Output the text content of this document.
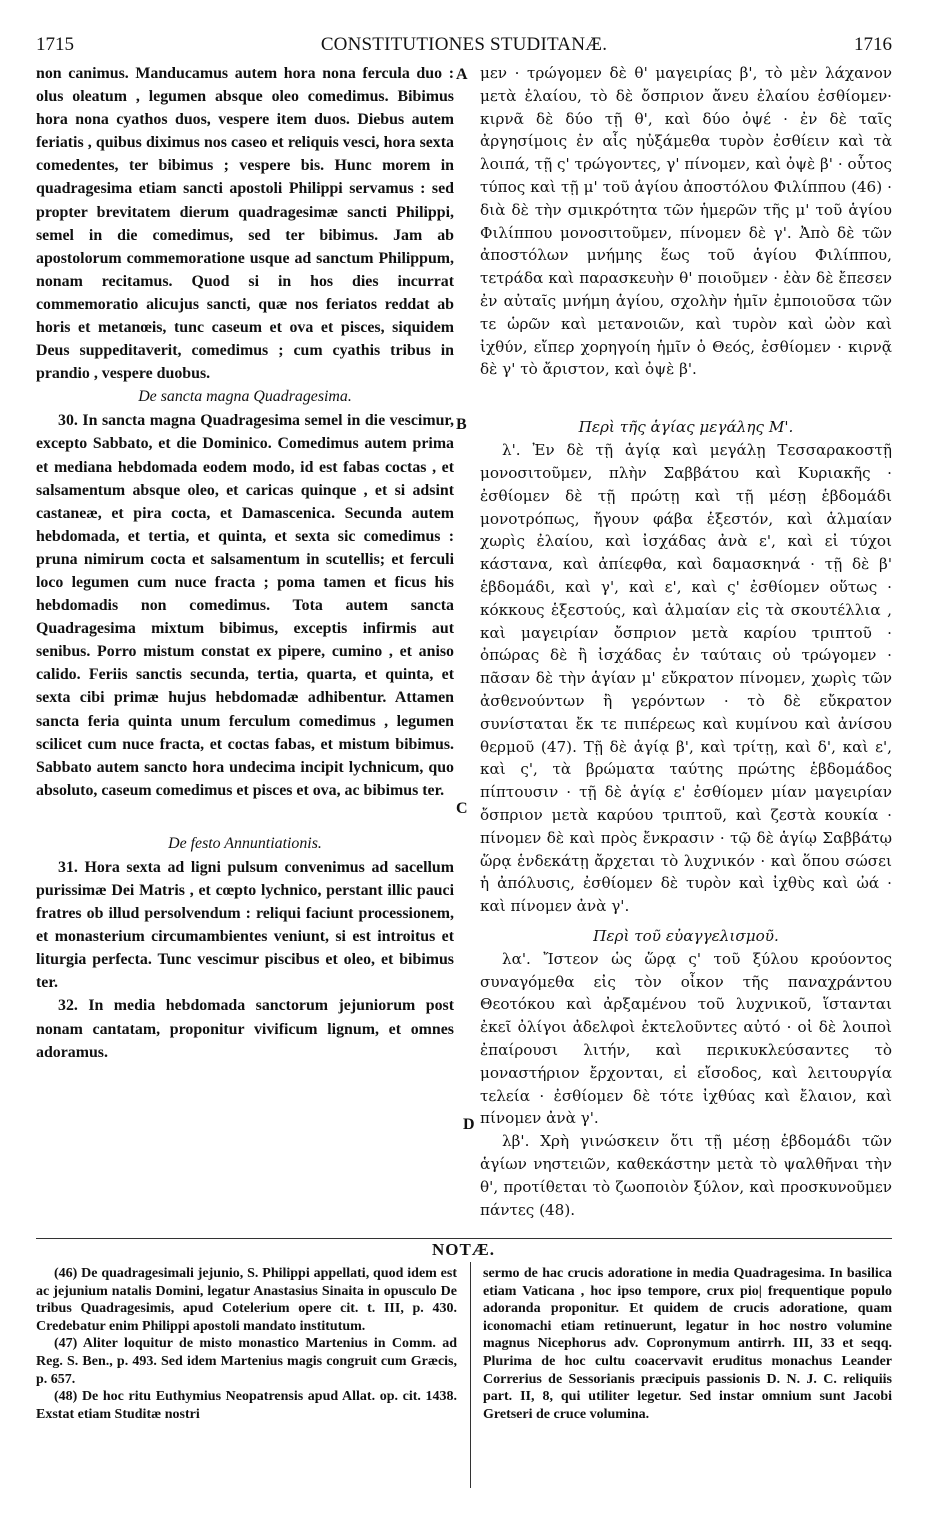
1715	CONSTITUTIONES STUDITANÆ.	1716

non canimus. Manducamus autem hora nona fercula duo : olus oleatum , legumen absque oleo comedimus. Bibimus hora nona cyathos duos, vespere item duos. Diebus autem feriatis , quibus diximus nos caseo et reliquis vesci, hora sexta comedentes, ter bibimus ; vespere bis. Hunc morem in quadragesima etiam sancti apostoli Philippi servamus : sed propter brevitatem dierum quadragesimæ sancti Philippi, semel in die comedimus, sed ter bibimus. Jam ab apostolorum commemoratione usque ad sanctum Philippum, nonam recitamus. Quod si in hos dies incurrat commemoratio alicujus sancti, quæ nos feriatos reddat ab horis et metanœis, tunc caseum et ova et pisces, siquidem Deus suppeditaverit, comedimus ; cum cyathis tribus in prandio , vespere duobus.

De sancta magna Quadragesima.

30. In sancta magna Quadragesima semel in die vescimur, excepto Sabbato, et die Dominico. Comedimus autem prima et mediana hebdomada eodem modo, id est fabas coctas , et salsamentum absque oleo, et caricas quinque , et si adsint castaneæ, et pira cocta, et Damascenica. Secunda autem hebdomada, et tertia, et quinta, et sexta sic comedimus : pruna nimirum cocta et salsamentum in scutellis; et ferculi loco legumen cum nuce fracta ; poma tamen et ficus his hebdomadis non comedimus. Tota autem sancta Quadragesima mixtum bibimus, exceptis infirmis aut senibus. Porro mistum constat ex pipere, cumino , et aniso calido. Feriis sanctis secunda, tertia, quarta, et quinta, et sexta cibi primæ hujus hebdomadæ adhibentur. Attamen sancta feria quinta unum ferculum comedimus , legumen scilicet cum nuce fracta, et coctas fabas, et mistum bibimus. Sabbato autem sancto hora undecima incipit lychnicum, quo absoluto, caseum comedimus et pisces et ova, ac bibimus ter.

De festo Annuntiationis.

31. Hora sexta ad ligni pulsum convenimus ad sacellum purissimæ Dei Matris , et cœpto lychnico, perstant illic pauci fratres ob illud persolvendum : reliqui faciunt processionem, et monasterium circumambientes veniunt, si est introitus et liturgia perfecta. Tunc vescimur piscibus et oleo, et bibimus ter.

32. In media hebdomada sanctorum jejuniorum post nonam cantatam, proponitur vivificum lignum, et omnes adoramus.

μεν · τρώγομεν δὲ θ' μαγειρίας β', τὸ μὲν λάχανον μετὰ ἐλαίου, τὸ δὲ ὄσπριον ἄνευ ἐλαίου ἐσθίομεν· κιρνᾶ δὲ δύο τῇ θ', καὶ δύο ὀψέ · ἐν δὲ ταῖς ἀργησίμοις ἐν αἷς ηὐξάμεθα τυρὸν ἐσθίειν καὶ τὰ λοιπά, τῇ ς' τρώγοντες, γ' πίνομεν, καὶ ὀψὲ β' · οὗτος τύπος καὶ τῇ μ' τοῦ ἁγίου ἀποστόλου Φιλίππου (46) · διὰ δὲ τὴν σμικρότητα τῶν ἡμερῶν τῆς μ' τοῦ ἁγίου Φιλίππου μονοσιτοῦμεν, πίνομεν δὲ γ'. Ἀπὸ δὲ τῶν ἀποστόλων μνήμης ἕως τοῦ ἁγίου Φιλίππου, τετράδα καὶ παρασκευὴν θ' ποιοῦμεν · ἐὰν δὲ ἔπεσεν ἐν αὐταῖς μνήμη ἁγίου, σχολὴν ἡμῖν ἐμποιοῦσα τῶν τε ὡρῶν καὶ μετανοιῶν, καὶ τυρὸν καὶ ὠὸν καὶ ἰχθύν, εἴπερ χορηγοίη ἡμῖν ὁ Θεός, ἐσθίομεν · κιρνᾷ δὲ γ' τὸ ἄριστον, καὶ ὀψὲ β'.

Περὶ τῆς ἁγίας μεγάλης Μ'.

λ'. Ἐν δὲ τῇ ἁγίᾳ καὶ μεγάλῃ Τεσσαρακοστῇ μονοσιτοῦμεν, πλὴν Σαββάτου καὶ Κυριακῆς · ἐσθίομεν δὲ τῇ πρώτῃ καὶ τῇ μέσῃ ἑβδομάδι μονοτρόπως, ἤγουν φάβα ἑξεστόν, καὶ ἁλμαίαν χωρὶς ἐλαίου, καὶ ἰσχάδας ἀνὰ ε', καὶ εἰ τύχοι κάστανα, καὶ ἀπίεφθα, καὶ δαμασκηνά · τῇ δὲ β' ἑβδομάδι, καὶ γ', καὶ ε', καὶ ς' ἐσθίομεν οὕτως · κόκκους ἑξεστούς, καὶ ἁλμαίαν εἰς τὰ σκουτέλλια , καὶ μαγειρίαν ὄσπριον μετὰ καρίου τριπτοῦ · ὀπώρας δὲ ἢ ἰσχάδας ἐν ταύταις οὐ τρώγομεν · πᾶσαν δὲ τὴν ἁγίαν μ' εὔκρατον πίνομεν, χωρὶς τῶν ἀσθενούντων ἢ γερόντων · τὸ δὲ εὔκρατον συνίσταται ἔκ τε πιπέρεως καὶ κυμίνου καὶ ἀνίσου θερμοῦ (47). Τῇ δὲ ἁγίᾳ β', καὶ τρίτῃ, καὶ δ', καὶ ε', καὶ ς', τὰ βρώματα ταύτης πρώτης ἑβδομάδος πίπτουσιν · τῇ δὲ ἁγίᾳ ε' ἐσθίομεν μίαν μαγειρίαν ὄσπριον μετὰ καρύου τριπτοῦ, καὶ ζεστὰ κουκία · πίνομεν δὲ καὶ πρὸς ἔνκρασιν · τῷ δὲ ἁγίῳ Σαββάτῳ ὥρᾳ ἑνδεκάτῃ ἄρχεται τὸ λυχνικόν · καὶ ὅπου σώσει ἡ ἀπόλυσις, ἐσθίομεν δὲ τυρὸν καὶ ἰχθὺς καὶ ὠά · καὶ πίνομεν ἀνὰ γ'.

Περὶ τοῦ εὐαγγελισμοῦ.

λα'. Ἴστεον ὡς ὥρᾳ ς' τοῦ ξύλου κρούοντος συναγόμεθα εἰς τὸν οἶκον τῆς παναχράντου Θεοτόκου καὶ ἀρξαμένου τοῦ λυχνικοῦ, ἵστανται ἐκεῖ ὀλίγοι ἀδελφοὶ ἐκτελοῦντες αὐτό · οἱ δὲ λοιποὶ ἐπαίρουσι λιτήν, καὶ περικυκλεύσαντες τὸ μοναστήριον ἔρχονται, εἰ εἴσοδος, καὶ λειτουργία τελεία · ἐσθίομεν δὲ τότε ἰχθύας καὶ ἔλαιον, καὶ πίνομεν ἀνὰ γ'.

λβ'. Χρὴ γινώσκειν ὅτι τῇ μέσῃ ἑβδομάδι τῶν ἁγίων νηστειῶν, καθεκάστην μετὰ τὸ ψαλθῆναι τὴν θ', προτίθεται τὸ ζωοποιὸν ξύλον, καὶ προσκυνοῦμεν πάντες (48).

A
B
C
D
NOTÆ.

(46) De quadragesimali jejunio, S. Philippi appellati, quod idem est ac jejunium natalis Domini, legatur Anastasius Sinaita in opusculo De tribus Quadragesimis, apud Cotelerium opere cit. t. III, p. 430. Credebatur enim Philippi apostoli mandato institutum.

(47) Aliter loquitur de misto monastico Martenius in Comm. ad Reg. S. Ben., p. 493. Sed idem Martenius magis congruit cum Græcis, p. 657.

(48) De hoc ritu Euthymius Neopatrensis apud Allat. op. cit. 1438. Exstat etiam Studitæ nostri

sermo de hac crucis adoratione in media Quadragesima. In basilica etiam Vaticana , hoc ipso tempore, crux pio| frequentique populo adoranda proponitur. Et quidem de crucis adoratione, quam iconomachi etiam retinuerunt, legatur in hoc nostro volumine magnus Nicephorus adv. Copronymum antirrh. III, 33 et seqq. Plurima de hoc cultu coacervavit eruditus monachus Leander Correrius de Sessorianis præcipuis passionis D. N. J. C. reliquiis part. II, 8, qui utiliter legetur. Sed instar omnium sunt Jacobi Gretseri de cruce volumina.
